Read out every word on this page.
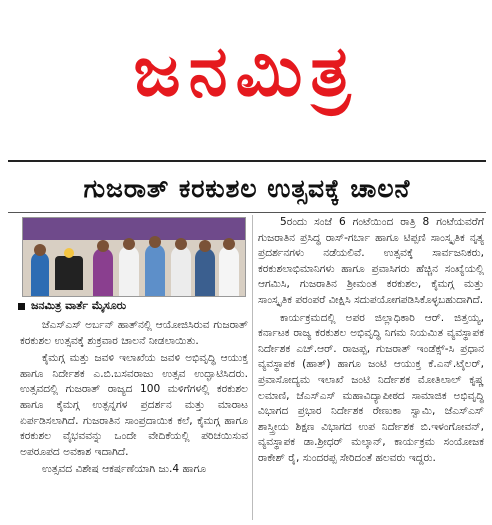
ಜನಮಿತ್ರ
ಗುಜರಾತ್ ಕರಕುಶಲ ಉತ್ಸವಕ್ಕೆ ಚಾಲನೆ
ಜನಮಿತ್ರ ವಾರ್ತೆ ಮೈಸೂರು

ಜೆಎಸ್‌ಎಸ್ ಅರ್ಬನ್ ಹಾತ್‌ನಲ್ಲಿ ಆಯೋಜಿಸಿರುವ ಗುಜರಾತ್ ಕರಕುಶಲ ಉತ್ಸವಕ್ಕೆ ಶುಕ್ರವಾರ ಚಾಲನೆ ನೀಡಲಾಯಿತು.

ಕೈಮಗ್ಗ ಮತ್ತು ಜವಳಿ ಇಲಾಖೆಯ ಜವಳಿ ಅಭಿವೃದ್ಧಿ ಆಯುಕ್ತ ಹಾಗೂ ನಿರ್ದೇಶಕ ಎ.ಬಿ.ಬಸವರಾಜು ಉತ್ಸವ ಉದ್ಘಾಟಿಸಿದರು. ಉತ್ಸವದಲ್ಲಿ ಗುಜರಾತ್ ರಾಜ್ಯದ 100 ಮಳಿಗೆಗಳಲ್ಲಿ ಕರಕುಶಲ ಹಾಗೂ ಕೈಮಗ್ಗ ಉತ್ಪನ್ನಗಳ ಪ್ರದರ್ಶನ ಮತ್ತು ಮಾರಾಟ ಏರ್ಪಡಿಸಲಾಗಿದೆ. ಗುಜರಾತಿನ ಸಾಂಪ್ರದಾಯಿಕ ಕಲೆ, ಕೈಮಗ್ಗ ಹಾಗೂ ಕರಕುಶಲ ವೈಭವವನ್ನು ಒಂದೇ ವೇದಿಕೆಯಲ್ಲಿ ಪರಿಚಯಿಸುವ ಅಪರೂಪದ ಅವಕಾಶ ಇದಾಗಿದೆ.

ಉತ್ಸವದ ವಿಶೇಷ ಆಕರ್ಷಣೆಯಾಗಿ ಜು.4 ಹಾಗೂ

5ರಂದು ಸಂಜೆ 6 ಗಂಟೆಯಿಂದ ರಾತ್ರಿ 8 ಗಂಟೆಯವರೆಗೆ ಗುಜರಾತಿನ ಪ್ರಸಿದ್ಧ ರಾಸ್-ಗರ್ಬಾ ಹಾಗೂ ಟಿಪ್ಪಣಿ ಸಾಂಸ್ಕೃತಿಕ ನೃತ್ಯ ಪ್ರದರ್ಶನಗಳು ನಡೆಯಲಿವೆ. ಉತ್ಸವಕ್ಕೆ ಸಾರ್ವಜನಿಕರು, ಕರಕುಶಲಾಭಿಮಾನಿಗಳು ಹಾಗೂ ಪ್ರವಾಸಿಗರು ಹೆಚ್ಚಿನ ಸಂಖ್ಯೆಯಲ್ಲಿ ಆಗಮಿಸಿ, ಗುಜರಾತಿನ ಶ್ರೀಮಂತ ಕರಕುಶಲ, ಕೈಮಗ್ಗ ಮತ್ತು ಸಾಂಸ್ಕೃತಿಕ ಪರಂಪರೆ ವೀಕ್ಷಿಸಿ ಸದುಪಯೋಗಪಡಿಸಿಕೊಳ್ಳಬಹುದಾಗಿದೆ.

ಕಾರ್ಯಕ್ರಮದಲ್ಲಿ ಅಪರ ಜಿಲ್ಲಾಧಿಕಾರಿ ಆರ್. ಜಿತ್ತಯ್ಯ, ಕರ್ನಾಟಕ ರಾಜ್ಯ ಕರಕುಶಲ ಅಭಿವೃದ್ಧಿ ನಿಗಮ ನಿಯಮಿತ ವ್ಯವಸ್ಥಾಪಕ ನಿರ್ದೇಶಕ ಎಚ್.ಆರ್. ರಾಜಪ್ಪ, ಗುಜರಾತ್ ಇಂಡೆಕ್ಸ್-ಸಿ ಪ್ರಧಾನ ವ್ಯವಸ್ಥಾಪಕ (ಹಾತ್) ಹಾಗೂ ಜಂಟಿ ಆಯುಕ್ತ ಕೆ.ಎನ್.ಟೈಲರ್, ಪ್ರವಾಸೋದ್ಯಮ ಇಲಾಖೆ ಜಂಟಿ ನಿರ್ದೇಶಕ ಮೋತಿಲಾಲ್ ಕೃಷ್ಣ ಲಮಾಣಿ, ಜೆಎಸ್‌ಎಸ್ ಮಹಾವಿದ್ಯಾಪೀಠದ ಸಾಮಾಜಿಕ ಅಭಿವೃದ್ಧಿ ವಿಭಾಗದ ಪ್ರಭಾರ ನಿರ್ದೇಶಕ ರೇಣುಕಾ ಸ್ವಾಮಿ, ಜೆಎಸ್‌ಎಸ್ ಶಾಸ್ತ್ರೀಯ ಶಿಕ್ಷಣ ವಿಭಾಗದ ಉಪ ನಿರ್ದೇಶಕ ಬಿ.ಇಳಂಗೋವನ್, ವ್ಯವಸ್ಥಾಪಕ ಡಾ.ಶ್ರೀಧರ್ ಮಲ್ಕಾನ್, ಕಾರ್ಯಕ್ರಮ ಸಂಯೋಜಕ ರಾಕೇಶ್ ರೈ, ಸುಂದರಪ್ಪ ಸೇರಿದಂತೆ ಹಲವರು ಇದ್ದರು.
